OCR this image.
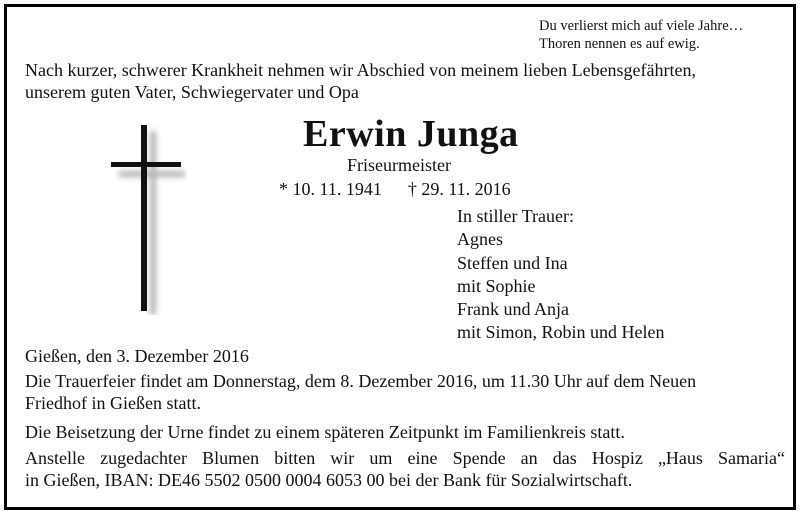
Du verlierst mich auf viele Jahre…
Thoren nennen es auf ewig.
Nach kurzer, schwerer Krankheit nehmen wir Abschied von meinem lieben Lebensgefährten,
unserem guten Vater, Schwiegervater und Opa
Erwin Junga
Friseurmeister
* 10. 11. 1941 † 29. 11. 2016
In stiller Trauer:
Agnes
Steffen und Ina
mit Sophie
Frank und Anja
mit Simon, Robin und Helen
Gießen, den 3. Dezember 2016
Die Trauerfeier findet am Donnerstag, dem 8. Dezember 2016, um 11.30 Uhr auf dem Neuen
Friedhof in Gießen statt.
Die Beisetzung der Urne findet zu einem späteren Zeitpunkt im Familienkreis statt.
Anstelle zugedachter Blumen bitten wir um eine Spende an das Hospiz „Haus Samaria“
in Gießen, IBAN: DE46 5502 0500 0004 6053 00 bei der Bank für Sozialwirtschaft.
